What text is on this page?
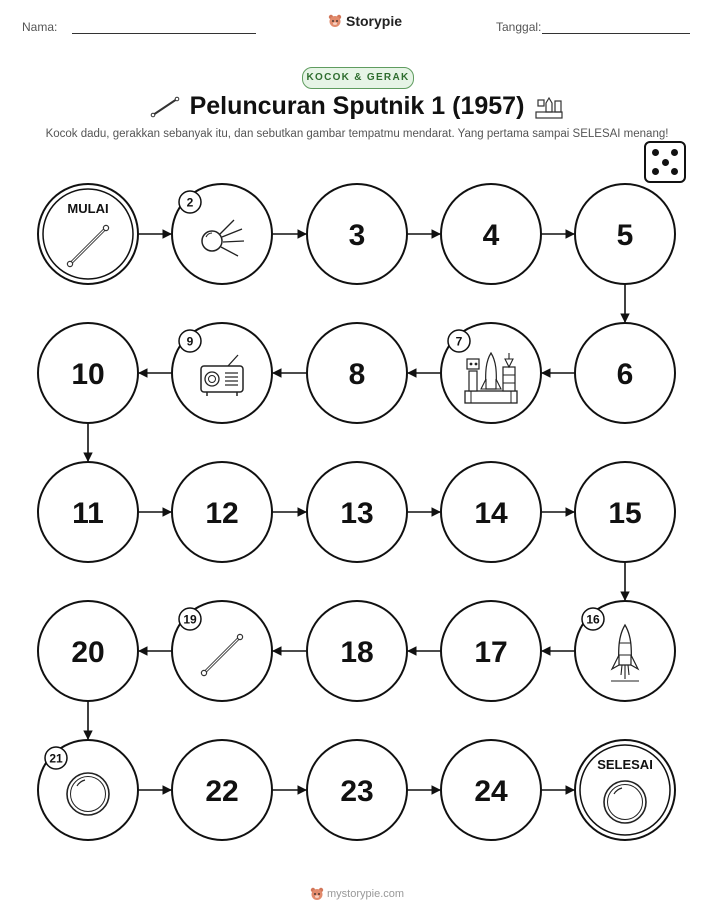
Nama:	Storypie	Tanggal:
KOCOK & GERAK
Peluncuran Sputnik 1 (1957)
Kocok dadu, gerakkan sebanyak itu, dan sebutkan gambar tempatmu mendarat. Yang pertama sampai SELESAI menang!
MULAI	2
3	4	5
6
7
8
9
10
11	12	13	14	15
16
17
18
19
20
21
22	23	24
SELESAI
mystorypie.com
